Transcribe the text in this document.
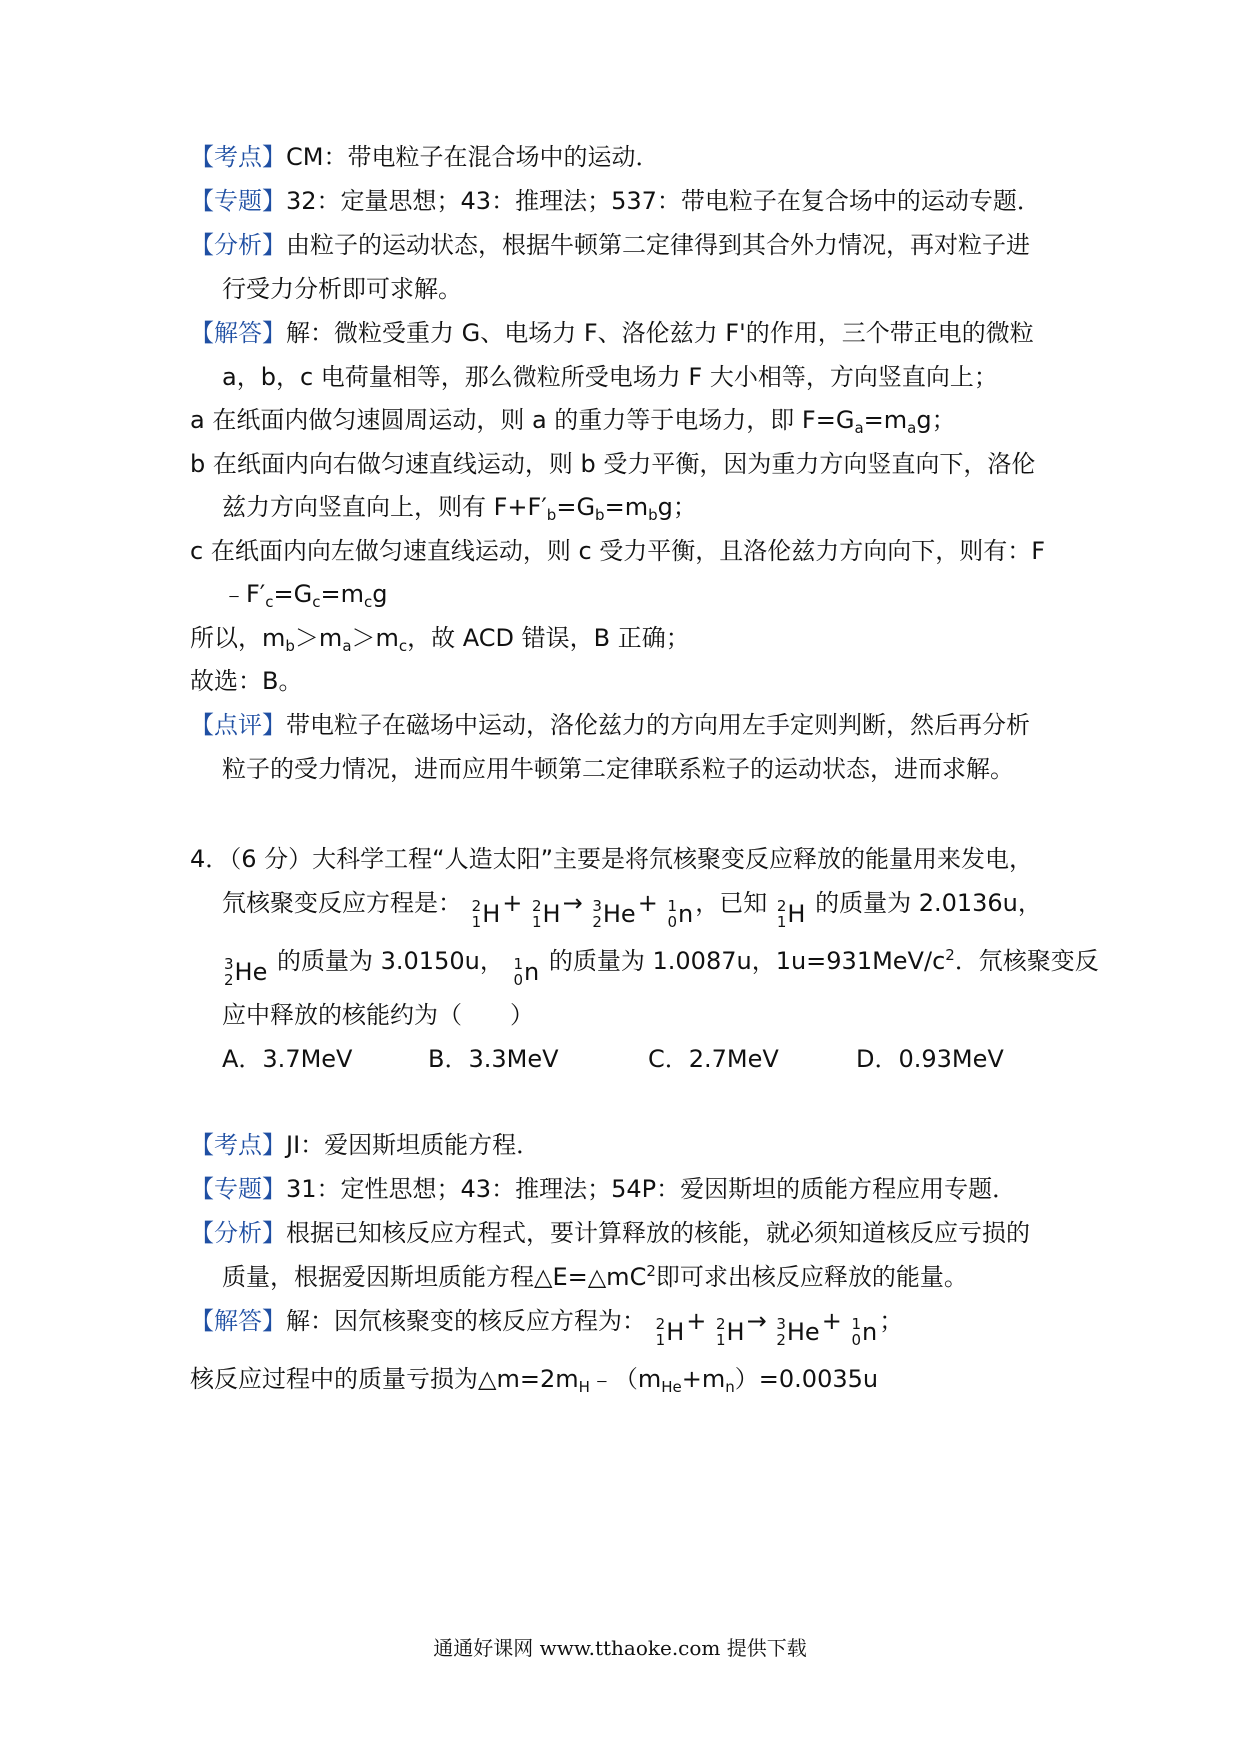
【考点】CM：带电粒子在混合场中的运动．
【专题】32：定量思想；43：推理法；537：带电粒子在复合场中的运动专题．
【分析】由粒子的运动状态，根据牛顿第二定律得到其合外力情况，再对粒子进
行受力分析即可求解。
【解答】解：微粒受重力 G、电场力 F、洛伦兹力 F'的作用，三个带正电的微粒
a，b，c 电荷量相等，那么微粒所受电场力 F 大小相等，方向竖直向上；
a 在纸面内做匀速圆周运动，则 a 的重力等于电场力，即 $F=G_a=m_ag$；
b 在纸面内向右做匀速直线运动，则 b 受力平衡，因为重力方向竖直向下，洛伦
兹力方向竖直向上，则有 $F+F'_b=G_b=m_bg$；
c 在纸面内向左做匀速直线运动，则 c 受力平衡，且洛伦兹力方向向下，则有：F
$﹣F'_c=G_c=m_cg$
所以，$m_b>m_a>m_c$，故 ACD 错误，B 正确；
故选：B。
【点评】带电粒子在磁场中运动，洛伦兹力的方向用左手定则判断，然后再分析
粒子的受力情况，进而应用牛顿第二定律联系粒子的运动状态，进而求解。
4．（6 分）大科学工程“人造太阳”主要是将氘核聚变反应释放的能量用来发电，
氘核聚变反应方程是： 2
1 H + 2
1 H → 3
2 He + 1
0 n ，已知 2
1 H 的质量为 2.0136u，
3
2 He 的质量为 3.0150u， 1
0 n 的质量为 1.0087u，$1u=931MeV/c^2$．氘核聚变反
应中释放的核能约为（　　）
A．3.7MeV	B．3.3MeV	C．2.7MeV	D．0.93MeV
【考点】JI：爱因斯坦质能方程．
【专题】31：定性思想；43：推理法；54P：爱因斯坦的质能方程应用专题．
【分析】根据已知核反应方程式，要计算释放的核能，就必须知道核反应亏损的
质量，根据爱因斯坦质能方程$\triangle E=\triangle mC^2$即可求出核反应释放的能量。
【解答】解：因氘核聚变的核反应方程为： 2
1 H + 2
1 H → 3
2 He + 1
0 n ；
核反应过程中的质量亏损为$\triangle m=2m_H﹣(m_{He}+m_n)=0.0035u$
通通好课网 www.tthaoke.com 提供下载
